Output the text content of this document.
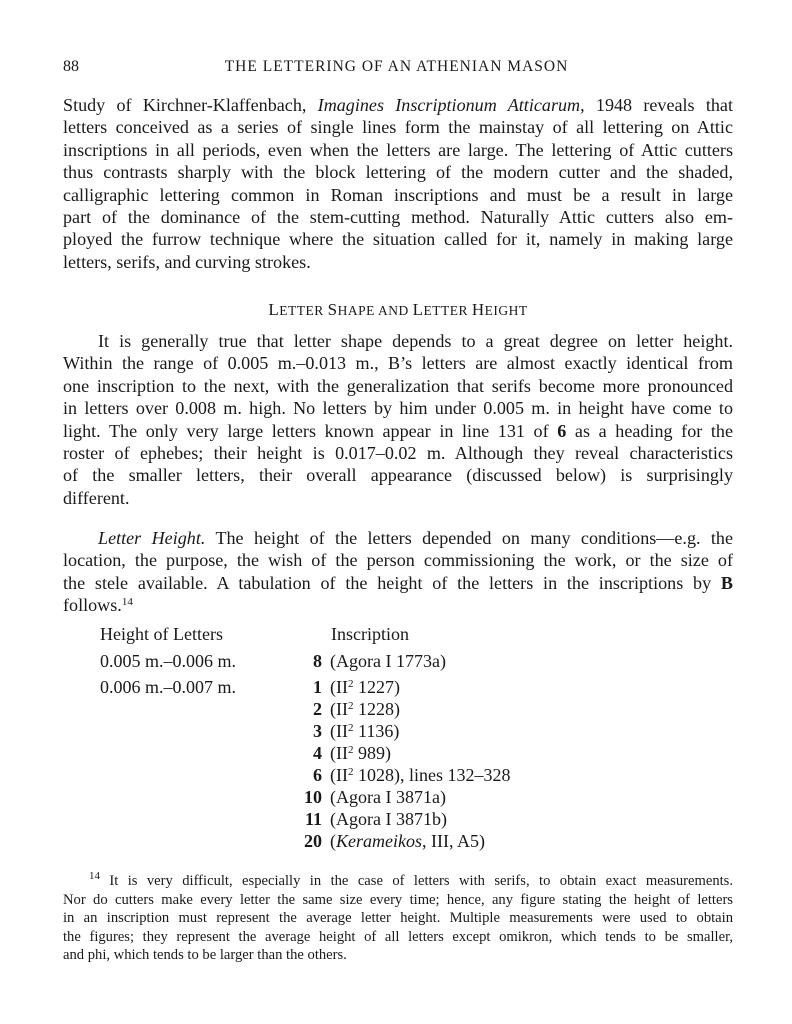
88	THE LETTERING OF AN ATHENIAN MASON
Study of Kirchner-Klaffenbach, Imagines Inscriptionum Atticarum, 1948 reveals that
letters conceived as a series of single lines form the mainstay of all lettering on Attic
inscriptions in all periods, even when the letters are large. The lettering of Attic cutters
thus contrasts sharply with the block lettering of the modern cutter and the shaded,
calligraphic lettering common in Roman inscriptions and must be a result in large
part of the dominance of the stem-cutting method. Naturally Attic cutters also em-
ployed the furrow technique where the situation called for it, namely in making large
letters, serifs, and curving strokes.
LETTER SHAPE AND LETTER HEIGHT
It is generally true that letter shape depends to a great degree on letter height.
Within the range of 0.005 m.–0.013 m., B’s letters are almost exactly identical from
one inscription to the next, with the generalization that serifs become more pronounced
in letters over 0.008 m. high. No letters by him under 0.005 m. in height have come to
light. The only very large letters known appear in line 131 of 6 as a heading for the
roster of ephebes; their height is 0.017–0.02 m. Although they reveal characteristics
of the smaller letters, their overall appearance (discussed below) is surprisingly
different.
Letter Height. The height of the letters depended on many conditions—e.g. the
location, the purpose, the wish of the person commissioning the work, or the size of
the stele available. A tabulation of the height of the letters in the inscriptions by B
follows.$^{14}$
Height of Letters	Inscription
0.005 m.–0.006 m.
0.006 m.–0.007 m.
8 (Agora I 1773a)
1 ($II^2$ 1227)
2 ($II^2$ 1228)
3 ($II^2$ 1136)
4 ($II^2$ 989)
6 ($II^2$ 1028), lines 132–328
10 (Agora I 3871a)
11 (Agora I 3871b)
20 (Kerameikos, III, A5)
$^{14}$ It is very difficult, especially in the case of letters with serifs, to obtain exact measurements.
Nor do cutters make every letter the same size every time; hence, any figure stating the height of letters
in an inscription must represent the average letter height. Multiple measurements were used to obtain
the figures; they represent the average height of all letters except omikron, which tends to be smaller,
and phi, which tends to be larger than the others.
